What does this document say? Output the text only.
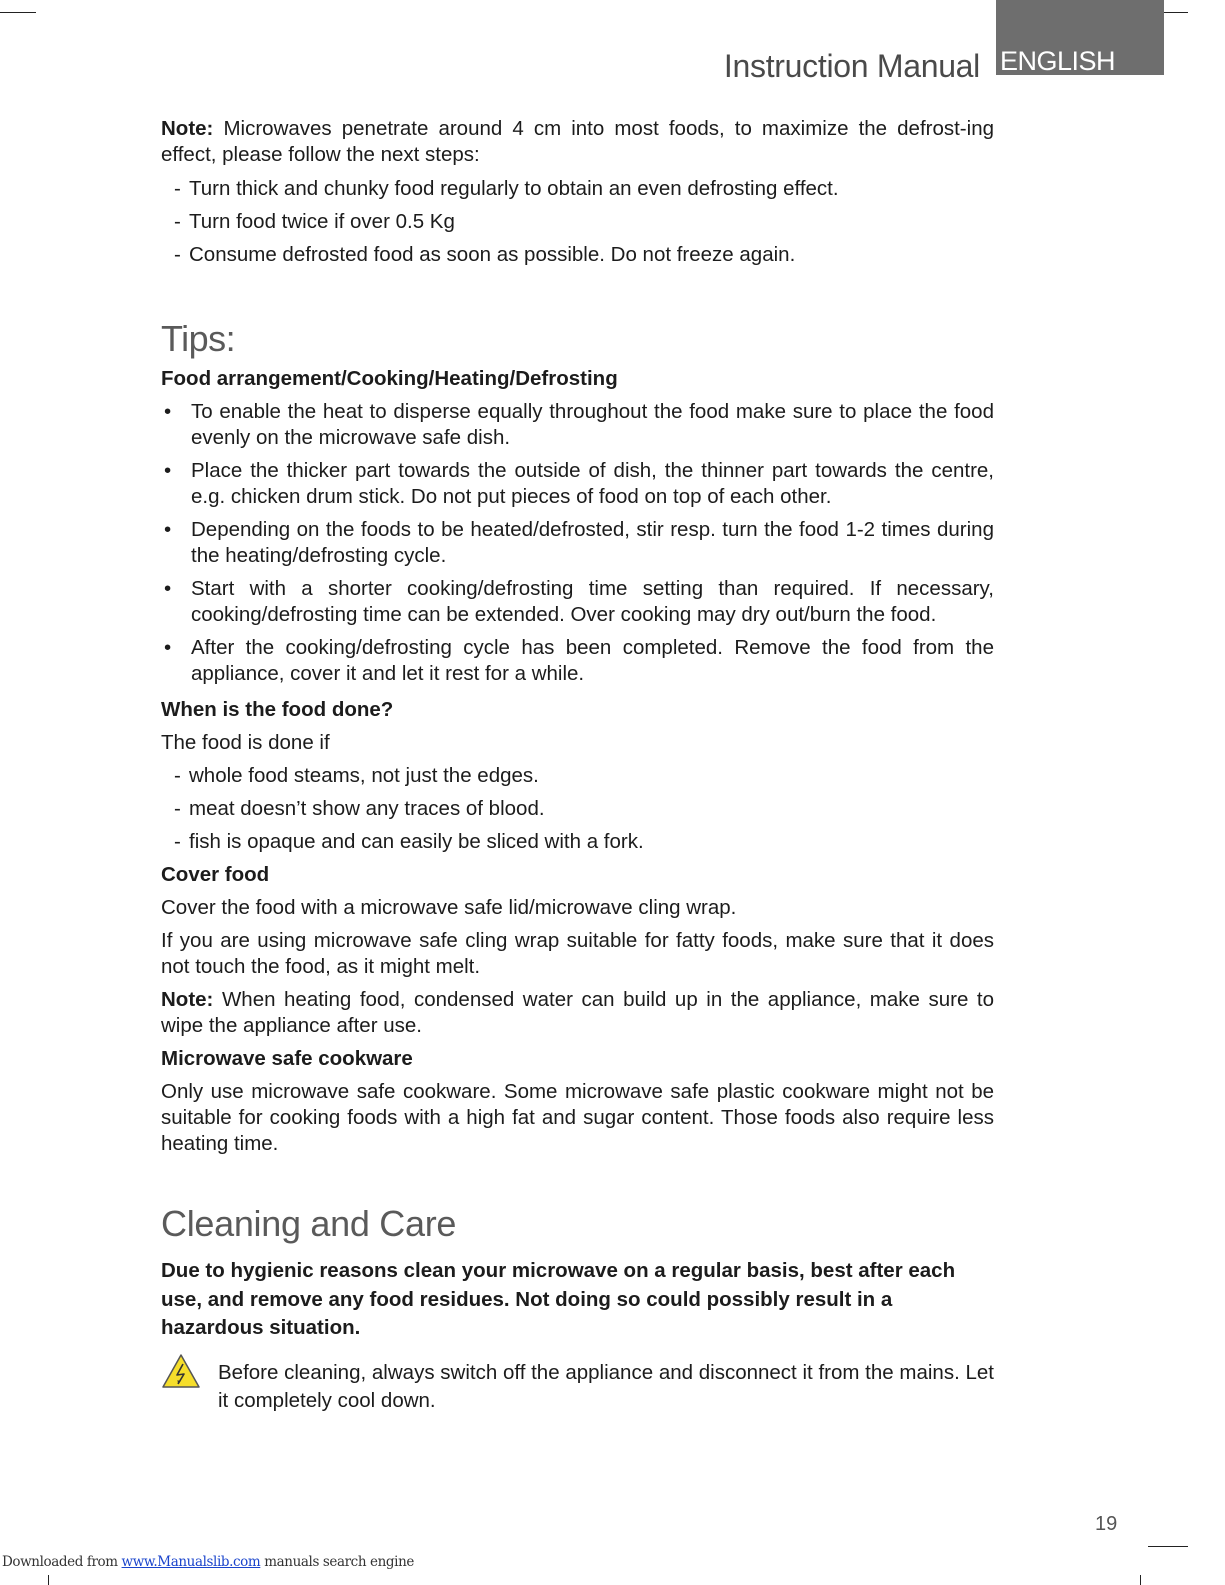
ENGLISH
Instruction Manual

Note: Microwaves penetrate around 4 cm into most foods, to maximize the defrost-ing effect, please follow the next steps:

- Turn thick and chunky food regularly to obtain an even defrosting effect.

- Turn food twice if over 0.5 Kg

- Consume defrosted food as soon as possible. Do not freeze again.

Tips:

Food arrangement/Cooking/Heating/Defrosting

• To enable the heat to disperse equally throughout the food make sure to place the food evenly on the microwave safe dish.
• Place the thicker part towards the outside of dish, the thinner part towards the centre, e.g. chicken drum stick. Do not put pieces of food on top of each other.
• Depending on the foods to be heated/defrosted, stir resp. turn the food 1-2 times during the heating/defrosting cycle.
• Start with a shorter cooking/defrosting time setting than required. If necessary, cooking/defrosting time can be extended. Over cooking may dry out/burn the food.
• After the cooking/defrosting cycle has been completed. Remove the food from the appliance, cover it and let it rest for a while.

When is the food done?

The food is done if

- whole food steams, not just the edges.

- meat doesn’t show any traces of blood.

- fish is opaque and can easily be sliced with a fork.

Cover food

Cover the food with a microwave safe lid/microwave cling wrap.

If you are using microwave safe cling wrap suitable for fatty foods, make sure that it does not touch the food, as it might melt.

Note: When heating food, condensed water can build up in the appliance, make sure to wipe the appliance after use.

Microwave safe cookware

Only use microwave safe cookware. Some microwave safe plastic cookware might not be suitable for cooking foods with a high fat and sugar content. Those foods also require less heating time.

Cleaning and Care

Due to hygienic reasons clean your microwave on a regular basis, best after each use, and remove any food residues. Not doing so could possibly result in a hazardous situation.

Before cleaning, always switch off the appliance and disconnect it from the mains. Let it completely cool down.

19
Downloaded from www.Manualslib.com manuals search engine
